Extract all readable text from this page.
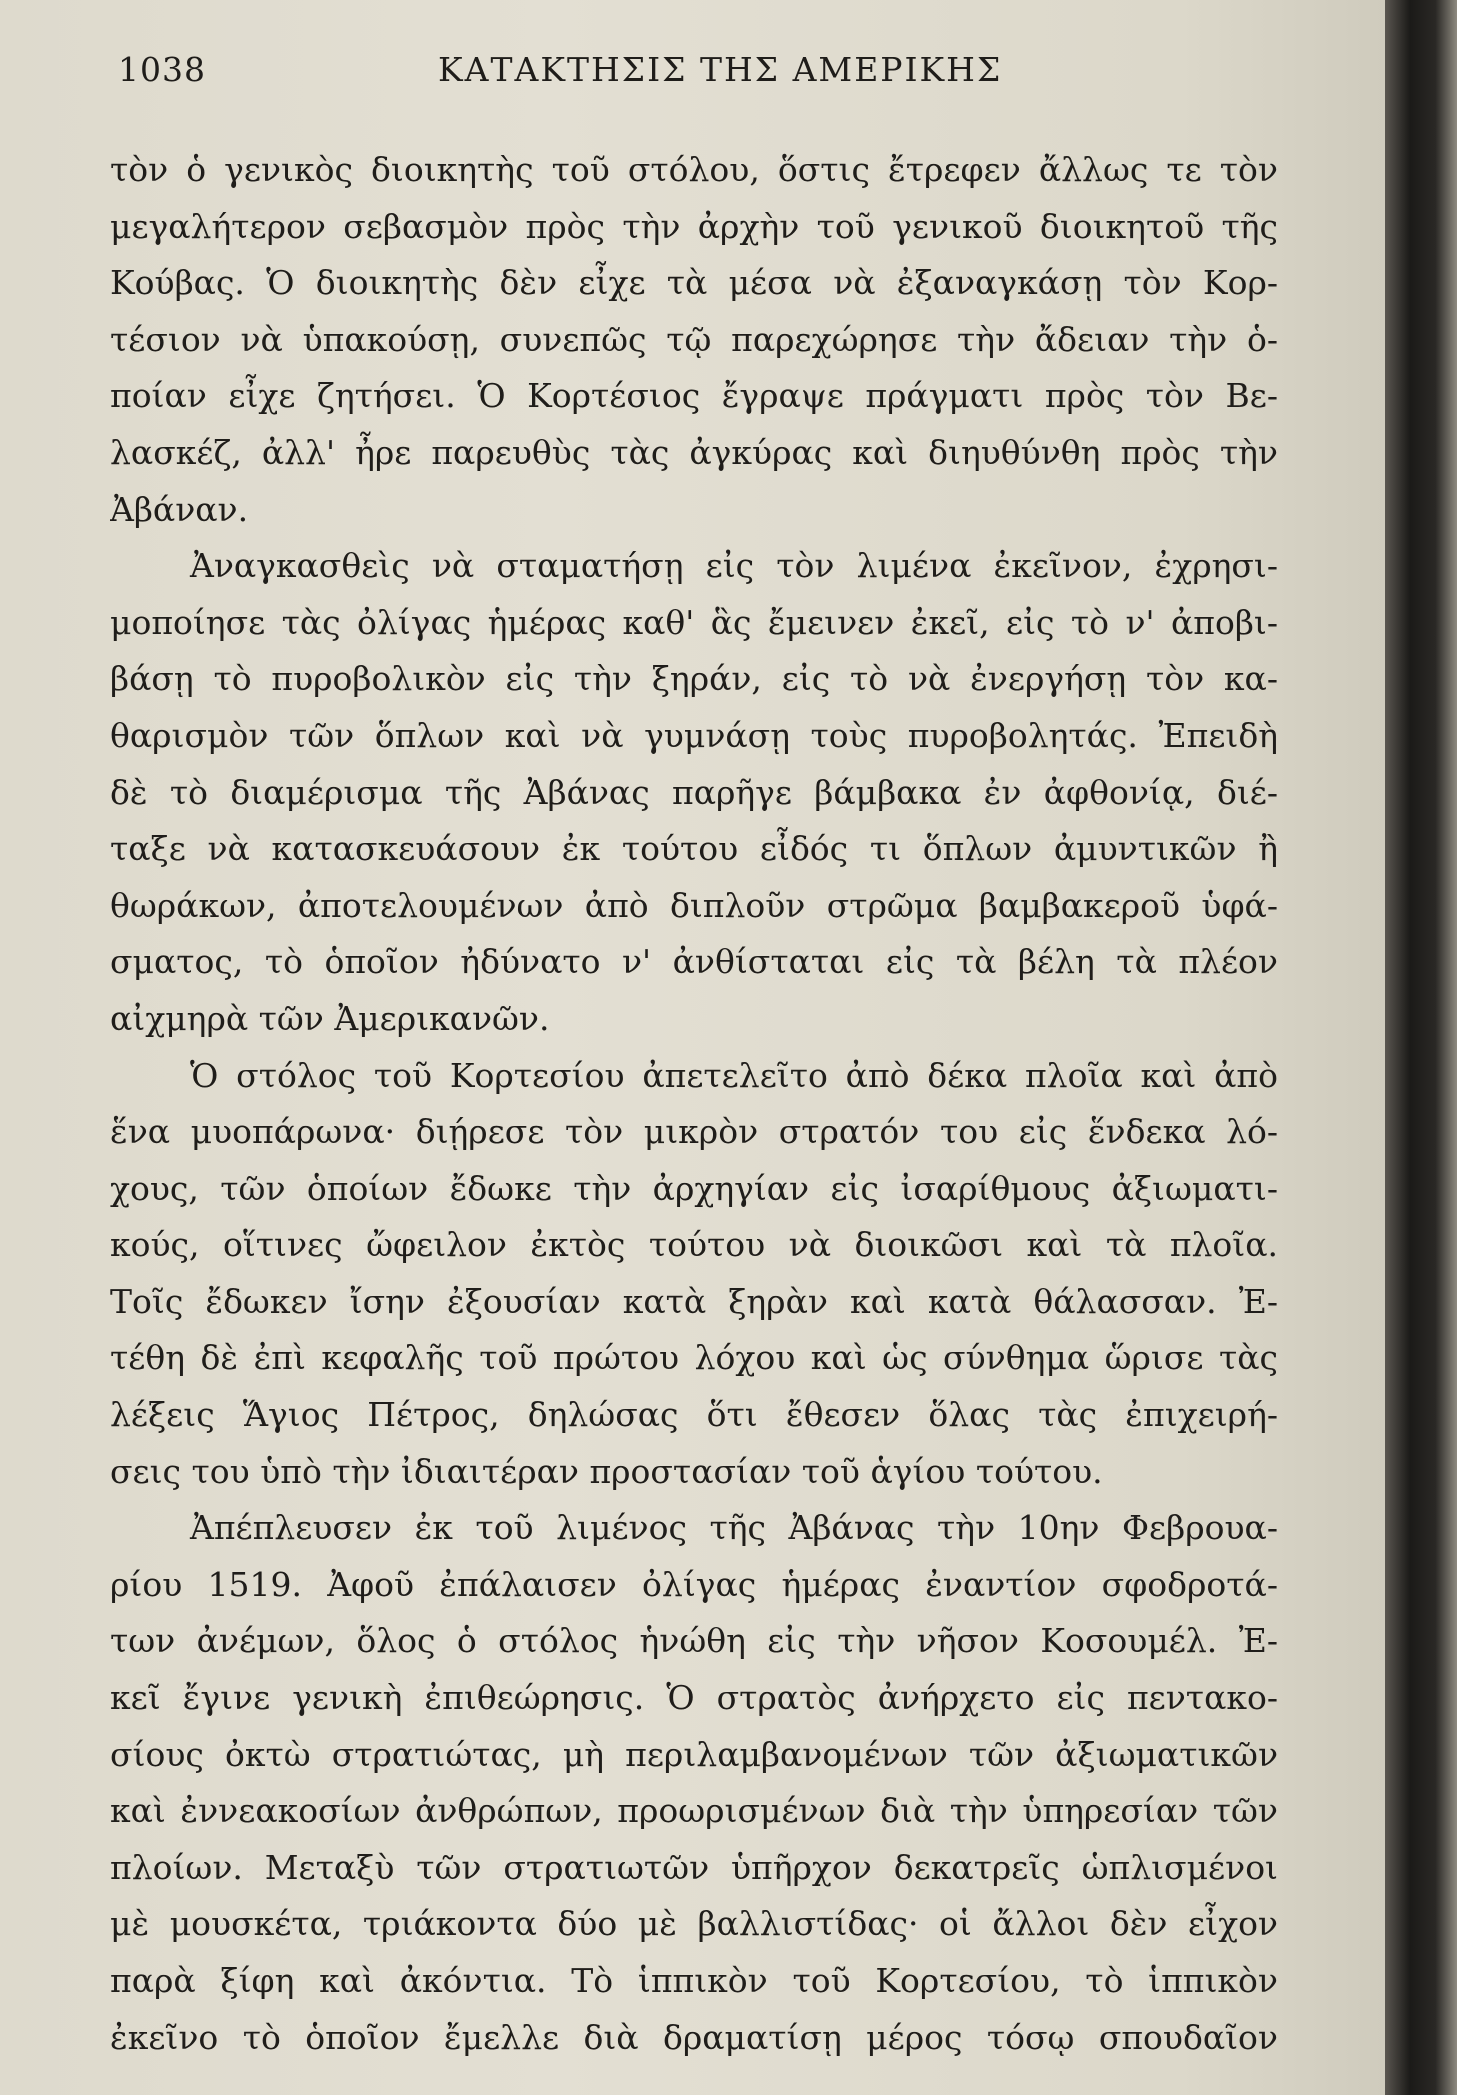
1038	ΚΑΤΑΚΤΗΣΙΣ ΤΗΣ ΑΜΕΡΙΚΗΣ
τὸν ὁ γενικὸς διοικητὴς τοῦ στόλου, ὅστις ἔτρεφεν ἄλλως τε τὸν
μεγαλήτερον σεβασμὸν πρὸς τὴν ἀρχὴν τοῦ γενικοῦ διοικητοῦ τῆς
Κούβας. Ὁ διοικητὴς δὲν εἶχε τὰ μέσα νὰ ἐξαναγκάσῃ τὸν Κορ-
τέσιον νὰ ὑπακούσῃ, συνεπῶς τῷ παρεχώρησε τὴν ἄδειαν τὴν ὁ-
ποίαν εἶχε ζητήσει. Ὁ Κορτέσιος ἔγραψε πράγματι πρὸς τὸν Βε-
λασκέζ, ἀλλ' ἦρε παρευθὺς τὰς ἀγκύρας καὶ διηυθύνθη πρὸς τὴν
Ἀβάναν.
Ἀναγκασθεὶς νὰ σταματήσῃ εἰς τὸν λιμένα ἐκεῖνον, ἐχρησι-
μοποίησε τὰς ὀλίγας ἡμέρας καθ' ἃς ἔμεινεν ἐκεῖ, εἰς τὸ ν' ἀποβι-
βάσῃ τὸ πυροβολικὸν εἰς τὴν ξηράν, εἰς τὸ νὰ ἐνεργήσῃ τὸν κα-
θαρισμὸν τῶν ὅπλων καὶ νὰ γυμνάσῃ τοὺς πυροβολητάς. Ἐπειδὴ
δὲ τὸ διαμέρισμα τῆς Ἀβάνας παρῆγε βάμβακα ἐν ἀφθονίᾳ, διέ-
ταξε νὰ κατασκευάσουν ἐκ τούτου εἶδός τι ὅπλων ἀμυντικῶν ἢ
θωράκων, ἀποτελουμένων ἀπὸ διπλοῦν στρῶμα βαμβακεροῦ ὑφά-
σματος, τὸ ὁποῖον ἠδύνατο ν' ἀνθίσταται εἰς τὰ βέλη τὰ πλέον
αἰχμηρὰ τῶν Ἀμερικανῶν.
Ὁ στόλος τοῦ Κορτεσίου ἀπετελεῖτο ἀπὸ δέκα πλοῖα καὶ ἀπὸ
ἕνα μυοπάρωνα· διῄρεσε τὸν μικρὸν στρατόν του εἰς ἕνδεκα λό-
χους, τῶν ὁποίων ἔδωκε τὴν ἀρχηγίαν εἰς ἰσαρίθμους ἀξιωματι-
κούς, οἵτινες ὤφειλον ἐκτὸς τούτου νὰ διοικῶσι καὶ τὰ πλοῖα.
Τοῖς ἔδωκεν ἴσην ἐξουσίαν κατὰ ξηρὰν καὶ κατὰ θάλασσαν. Ἐ-
τέθη δὲ ἐπὶ κεφαλῆς τοῦ πρώτου λόχου καὶ ὡς σύνθημα ὥρισε τὰς
λέξεις Ἅγιος Πέτρος, δηλώσας ὅτι ἔθεσεν ὅλας τὰς ἐπιχειρή-
σεις του ὑπὸ τὴν ἰδιαιτέραν προστασίαν τοῦ ἁγίου τούτου.
Ἀπέπλευσεν ἐκ τοῦ λιμένος τῆς Ἀβάνας τὴν 10ην Φεβρουα-
ρίου 1519. Ἀφοῦ ἐπάλαισεν ὀλίγας ἡμέρας ἐναντίον σφοδροτά-
των ἀνέμων, ὅλος ὁ στόλος ἡνώθη εἰς τὴν νῆσον Κοσουμέλ. Ἐ-
κεῖ ἔγινε γενικὴ ἐπιθεώρησις. Ὁ στρατὸς ἀνήρχετο εἰς πεντακο-
σίους ὀκτὼ στρατιώτας, μὴ περιλαμβανομένων τῶν ἀξιωματικῶν
καὶ ἐννεακοσίων ἀνθρώπων, προωρισμένων διὰ τὴν ὑπηρεσίαν τῶν
πλοίων. Μεταξὺ τῶν στρατιωτῶν ὑπῆρχον δεκατρεῖς ὡπλισμένοι
μὲ μουσκέτα, τριάκοντα δύο μὲ βαλλιστίδας· οἱ ἄλλοι δὲν εἶχον
παρὰ ξίφη καὶ ἀκόντια. Τὸ ἱππικὸν τοῦ Κορτεσίου, τὸ ἱππικὸν
ἐκεῖνο τὸ ὁποῖον ἔμελλε διὰ δραματίσῃ μέρος τόσῳ σπουδαῖον
